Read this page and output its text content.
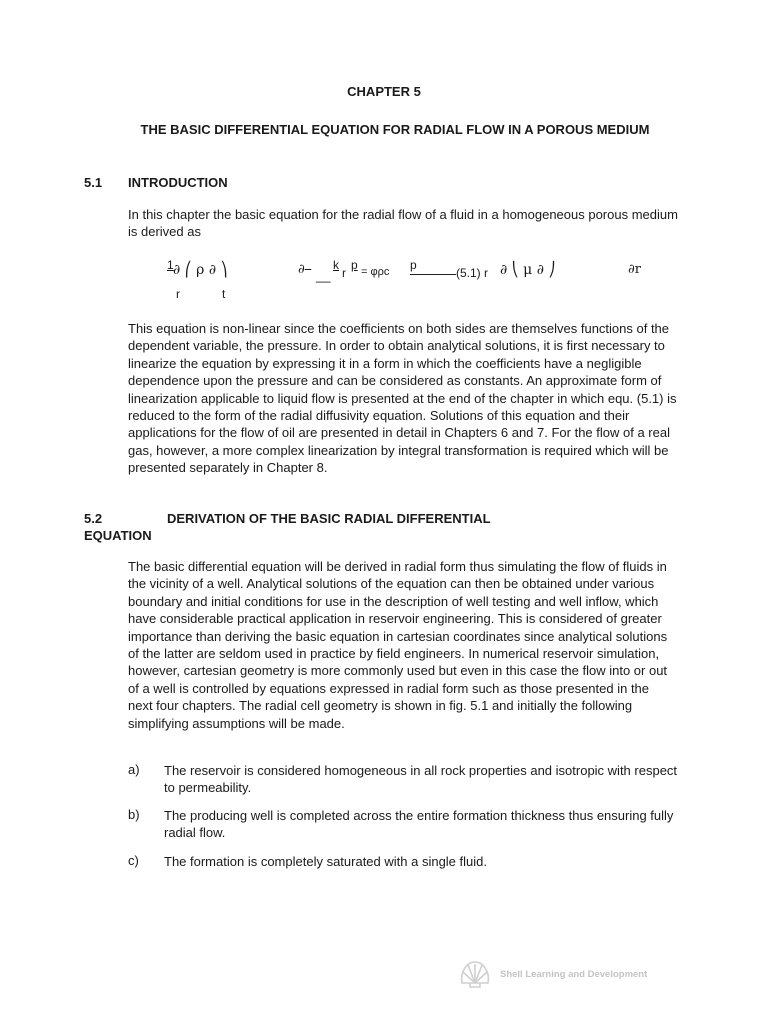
CHAPTER 5
THE BASIC DIFFERENTIAL EQUATION FOR RADIAL FLOW IN A POROUS MEDIUM
5.1 INTRODUCTION
In this chapter the basic equation for the radial flow of a fluid in a homogeneous porous medium is derived as
1 ∂ ⎛ ρ ∂ ⎞	∂⎯ __
k
r
p = φρc p
(5.1) r ∂ ⎝ μ ∂ ⎠	∂r
r	t
This equation is non-linear since the coefficients on both sides are themselves functions of the dependent variable, the pressure. In order to obtain analytical solutions, it is first necessary to linearize the equation by expressing it in a form in which the coefficients have a negligible dependence upon the pressure and can be considered as constants. An approximate form of linearization applicable to liquid flow is presented at the end of the chapter in which equ. (5.1) is reduced to the form of the radial diffusivity equation. Solutions of this equation and their applications for the flow of oil are presented in detail in Chapters 6 and 7. For the flow of a real gas, however, a more complex linearization by integral transformation is required which will be presented separately in Chapter 8.
5.2	DERIVATION OF THE BASIC RADIAL DIFFERENTIAL
EQUATION
The basic differential equation will be derived in radial form thus simulating the flow of fluids in the vicinity of a well. Analytical solutions of the equation can then be obtained under various boundary and initial conditions for use in the description of well testing and well inflow, which have considerable practical application in reservoir engineering. This is considered of greater importance than deriving the basic equation in cartesian coordinates since analytical solutions of the latter are seldom used in practice by field engineers. In numerical reservoir simulation, however, cartesian geometry is more commonly used but even in this case the flow into or out of a well is controlled by equations expressed in radial form such as those presented in the next four chapters. The radial cell geometry is shown in fig. 5.1 and initially the following simplifying assumptions will be made.
a) The reservoir is considered homogeneous in all rock properties and isotropic with respect to permeability.
b) The producing well is completed across the entire formation thickness thus ensuring fully radial flow.
c) The formation is completely saturated with a single fluid.
Shell Learning and Development
